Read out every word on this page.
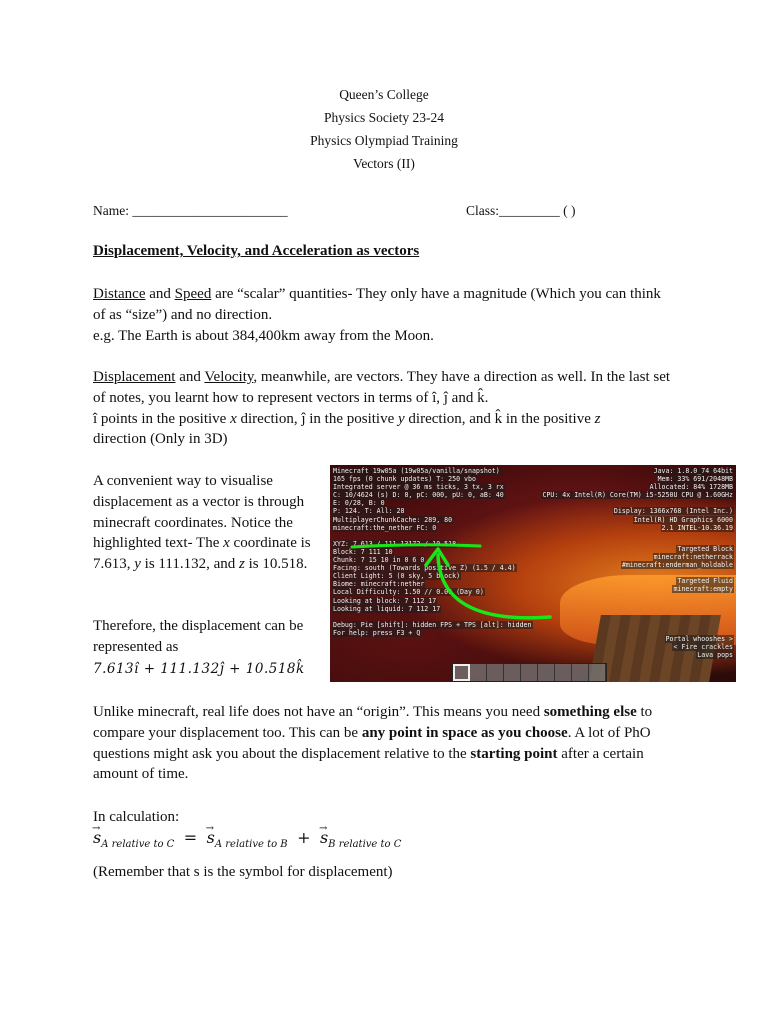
Queen’s College
Physics Society 23-24
Physics Olympiad Training
Vectors (II)
Name: _______________________	Class:_________ ( )
Displacement, Velocity, and Acceleration as vectors
Distance and Speed are “scalar” quantities- They only have a magnitude (Which you can think of as “size”) and no direction.
e.g. The Earth is about 384,400km away from the Moon.
Displacement and Velocity, meanwhile, are vectors. They have a direction as well. In the last set of notes, you learnt how to represent vectors in terms of î, ĵ and k̂.
î points in the positive x direction, ĵ in the positive y direction, and k̂ in the positive z
direction (Only in 3D)
A convenient way to visualise displacement as a vector is through minecraft coordinates. Notice the highlighted text- The x coordinate is 7.613, y is 111.132, and z is 10.518.
Therefore, the displacement can be represented as
7.613î + 111.132ĵ + 10.518k̂
Unlike minecraft, real life does not have an “origin”. This means you need something else to compare your displacement too. This can be any point in space as you choose. A lot of PhO questions might ask you about the displacement relative to the starting point after a certain amount of time.
In calculation:
→ $s_{A relative to C}$ = → $s_{A relative to B}$ + → $s_{B relative to C}$
(Remember that s is the symbol for displacement)
Minecraft 19w05a (19w05a/vanilla/snapshot)
165 fps (0 chunk updates) T: 250 vbo
Integrated server @ 36 ms ticks, 3 tx, 3 rx
C: 10/4624 (s) D: 8, pC: 000, pU: 0, aB: 40
E: 0/28, B: 0
P: 124. T: All: 28
MultiplayerChunkCache: 289, 80
minecraft:the_nether FC: 0

XYZ: 7.613 / 111.13172 / 10.518
Block: 7 111 10
Chunk: 7 15 10 in 0 6 0
Facing: south (Towards positive Z) (1.5 / 4.4)
Client Light: 5 (0 sky, 5 block)
Biome: minecraft:nether
Local Difficulty: 1.50 // 0.00 (Day 0)
Looking at block: 7 112 17
Looking at liquid: 7 112 17

Debug: Pie [shift]: hidden FPS + TPS [alt]: hidden
For help: press F3 + Q
Java: 1.8.0_74 64bit
Mem: 33% 691/2048MB
Allocated: 84% 1728MB
CPU: 4x Intel(R) Core(TM) i5-5250U CPU @ 1.60GHz

Display: 1366x768 (Intel Inc.)
Intel(R) HD Graphics 6000
2.1 INTEL-10.36.19
Targeted Block
minecraft:netherrack
#minecraft:enderman_holdable

Targeted Fluid
minecraft:empty
Portal whooshes >
< Fire crackles
Lava pops
